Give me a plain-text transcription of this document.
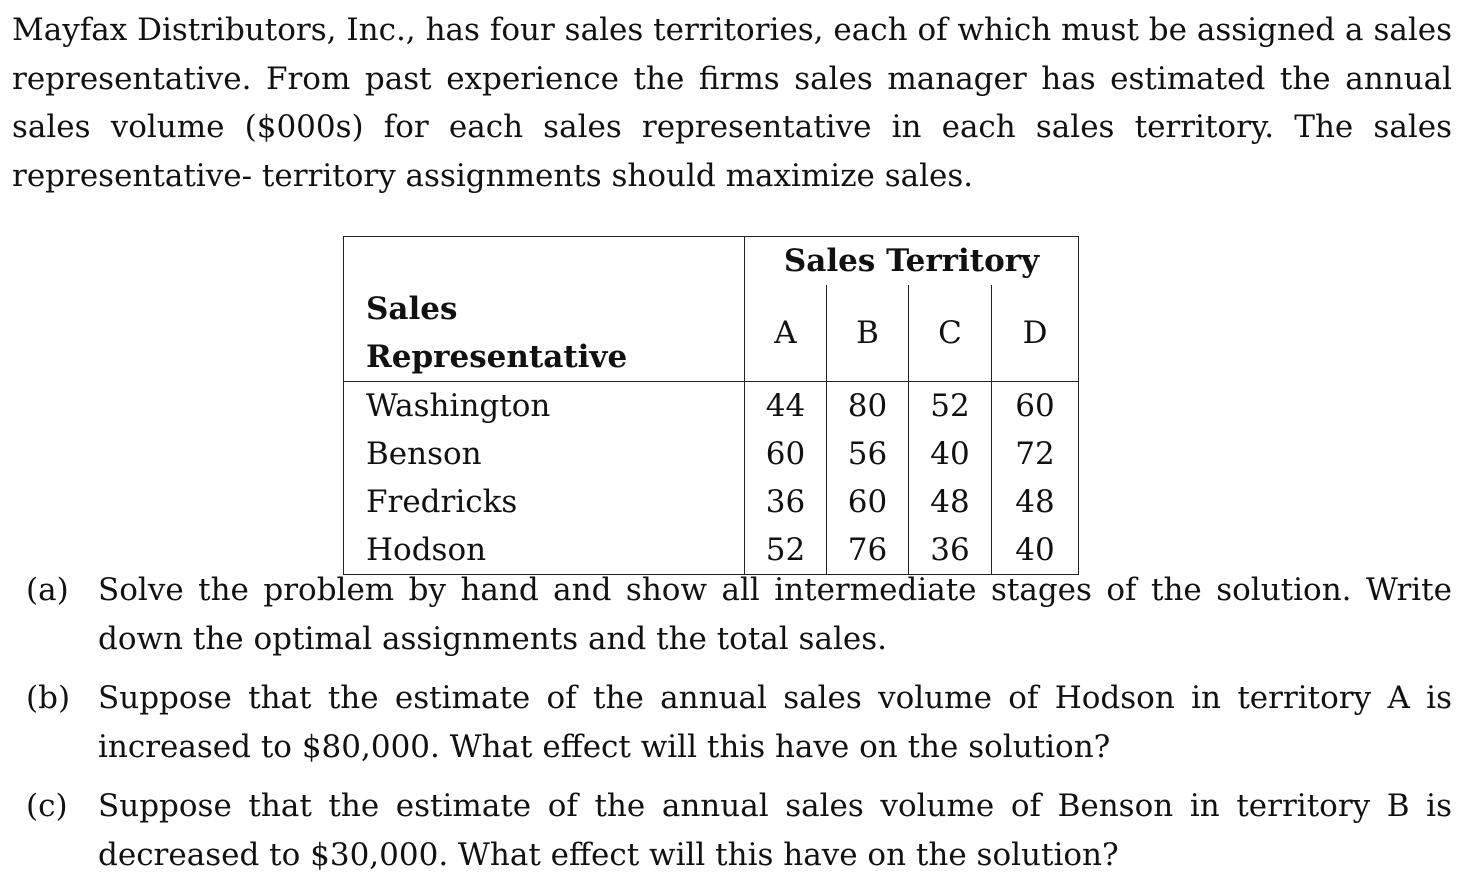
Mayfax Distributors, Inc., has four sales territories, each of which must be assigned a sales representative. From past experience the firms sales manager has estimated the annual sales volume ($000s) for each sales representative in each sales territory. The sales representative- territory assignments should maximize sales.

	Sales Territory			
Sales Representative	A	B	C	D
Washington	44	80	52	60
Benson	60	56	40	72
Fredricks	36	60	48	48
Hodson	52	76	36	40
(a) Solve the problem by hand and show all intermediate stages of the solution. Write down the optimal assignments and the total sales.
(b) Suppose that the estimate of the annual sales volume of Hodson in territory A is increased to $80,000. What effect will this have on the solution?
(c) Suppose that the estimate of the annual sales volume of Benson in territory B is decreased to $30,000. What effect will this have on the solution?
